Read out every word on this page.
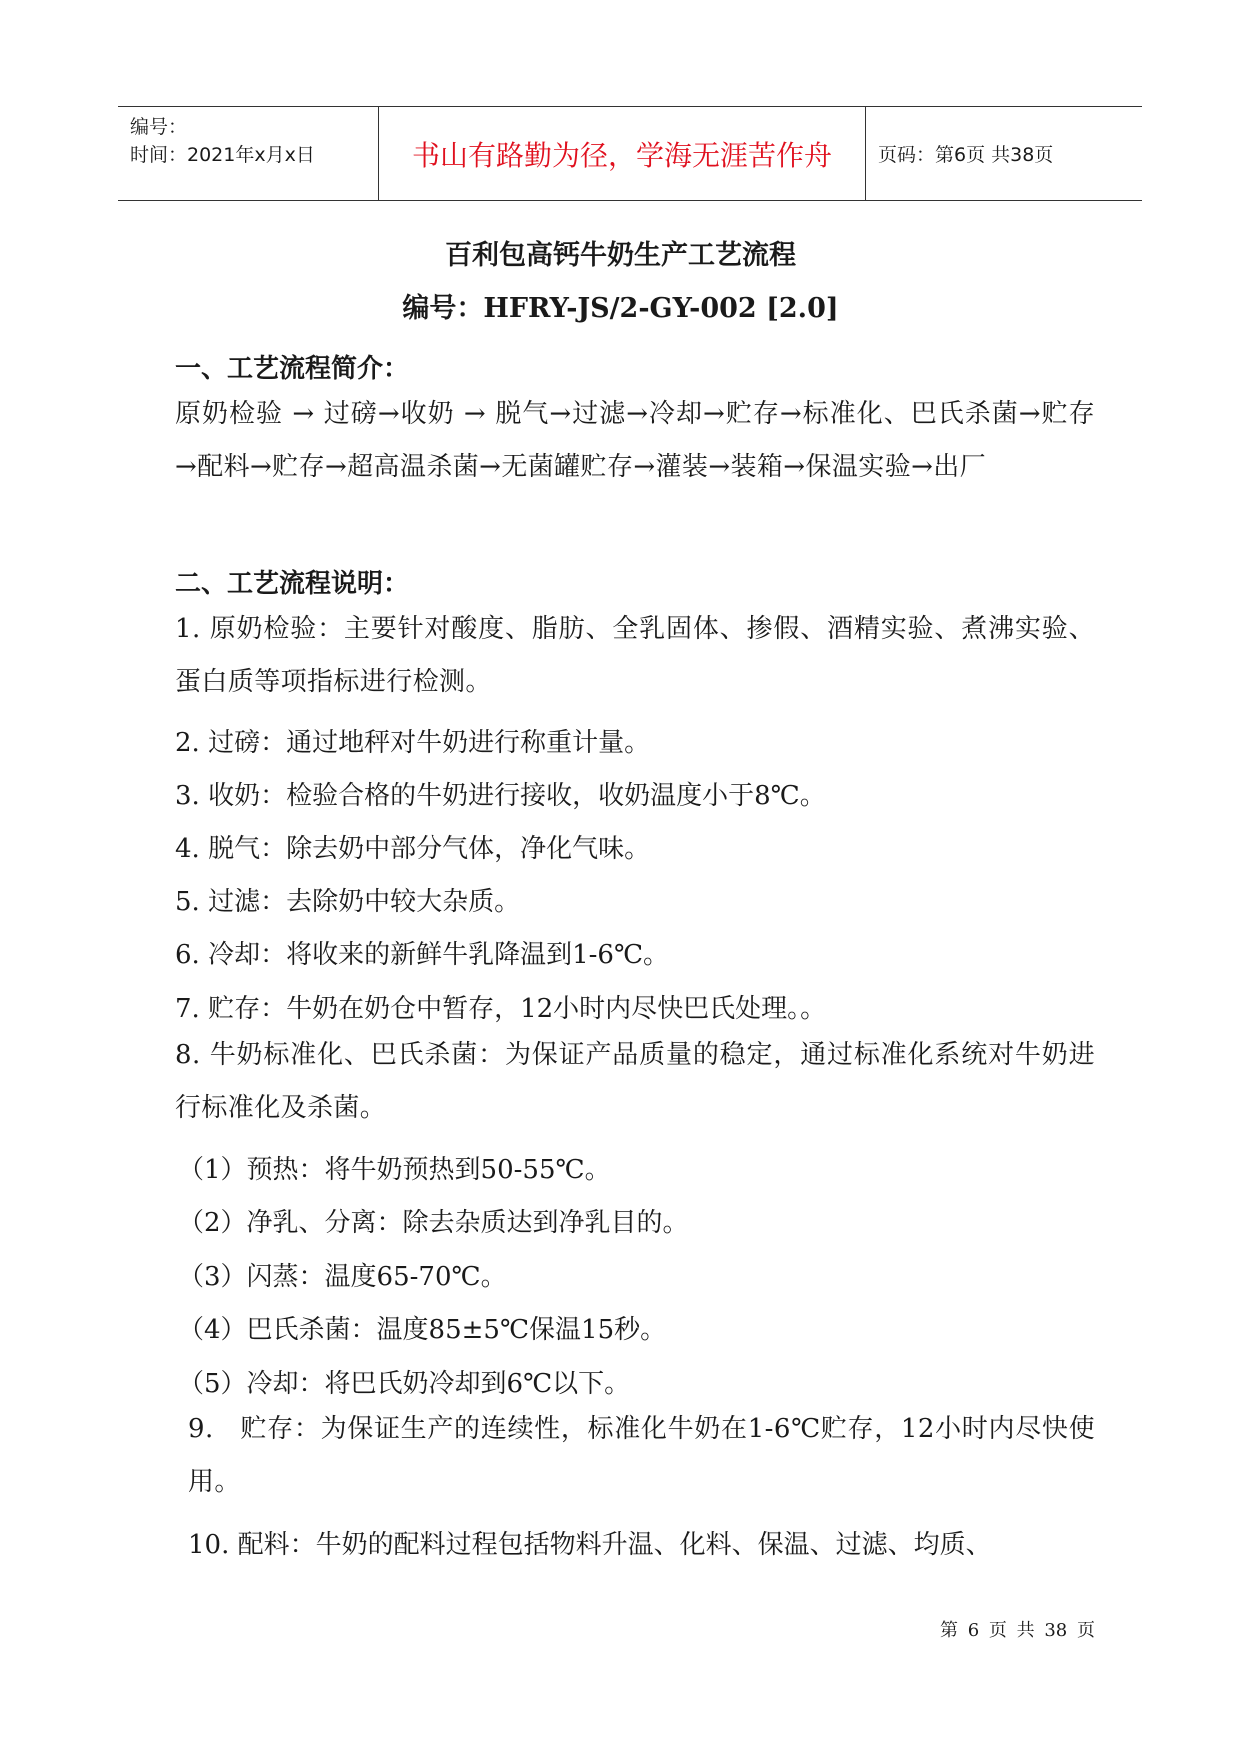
编号：
时间：2021年x月x日	书山有路勤为径，学海无涯苦作舟	页码：第6页 共38页
百利包高钙牛奶生产工艺流程
编号：HFRY-JS/2-GY-002 [2.0]
一、工艺流程简介：
原奶检验 → 过磅→收奶 → 脱气→过滤→冷却→贮存→标准化、巴氏杀菌→贮存→配料→贮存→超高温杀菌→无菌罐贮存→灌装→装箱→保温实验→出厂
二、工艺流程说明：
1. 原奶检验：主要针对酸度、脂肪、全乳固体、掺假、酒精实验、煮沸实验、蛋白质等项指标进行检测。
2. 过磅：通过地秤对牛奶进行称重计量。
3. 收奶：检验合格的牛奶进行接收，收奶温度小于8℃。
4. 脱气：除去奶中部分气体，净化气味。
5. 过滤：去除奶中较大杂质。
6. 冷却：将收来的新鲜牛乳降温到1-6℃。
7. 贮存：牛奶在奶仓中暂存，12小时内尽快巴氏处理。。
8. 牛奶标准化、巴氏杀菌：为保证产品质量的稳定，通过标准化系统对牛奶进行标准化及杀菌。
（1）预热：将牛奶预热到50-55℃。
（2）净乳、分离：除去杂质达到净乳目的。
（3）闪蒸：温度65-70℃。
（4）巴氏杀菌：温度85±5℃保温15秒。
（5）冷却：将巴氏奶冷却到6℃以下。
9.   贮存：为保证生产的连续性，标准化牛奶在1-6℃贮存，12小时内尽快使用。
10. 配料：牛奶的配料过程包括物料升温、化料、保温、过滤、均质、
第 6 页 共 38 页
